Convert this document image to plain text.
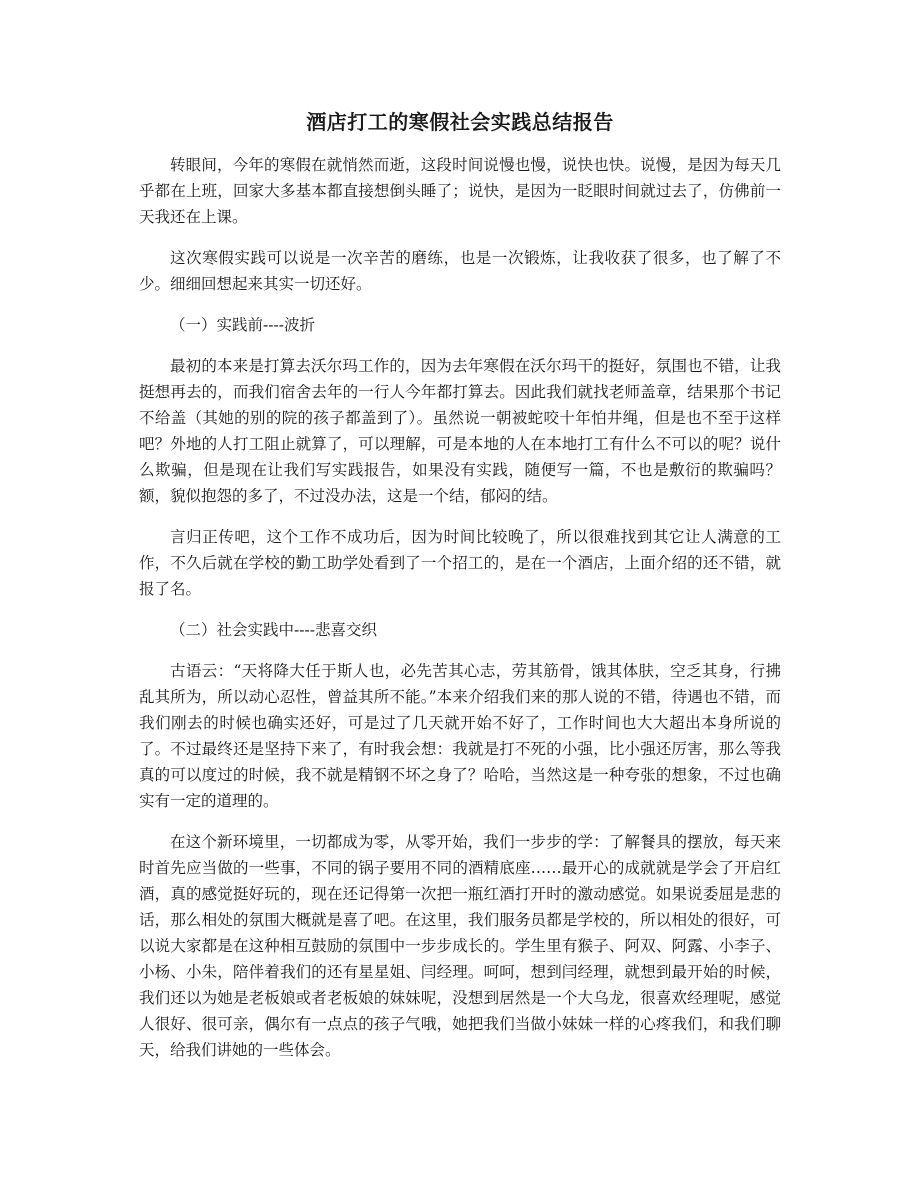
酒店打工的寒假社会实践总结报告

转眼间，今年的寒假在就悄然而逝，这段时间说慢也慢，说快也快。说慢，是因为每天几乎都在上班，回家大多基本都直接想倒头睡了；说快，是因为一眨眼时间就过去了，仿佛前一天我还在上课。

这次寒假实践可以说是一次辛苦的磨练，也是一次锻炼，让我收获了很多，也了解了不少。细细回想起来其实一切还好。

（一）实践前----波折

最初的本来是打算去沃尔玛工作的，因为去年寒假在沃尔玛干的挺好，氛围也不错，让我挺想再去的，而我们宿舍去年的一行人今年都打算去。因此我们就找老师盖章，结果那个书记不给盖（其她的别的院的孩子都盖到了）。虽然说一朝被蛇咬十年怕井绳，但是也不至于这样吧？外地的人打工阻止就算了，可以理解，可是本地的人在本地打工有什么不可以的呢？说什么欺骗，但是现在让我们写实践报告，如果没有实践，随便写一篇，不也是敷衍的欺骗吗？额，貌似抱怨的多了，不过没办法，这是一个结，郁闷的结。

言归正传吧，这个工作不成功后，因为时间比较晚了，所以很难找到其它让人满意的工作，不久后就在学校的勤工助学处看到了一个招工的，是在一个酒店，上面介绍的还不错，就报了名。

（二）社会实践中----悲喜交织

古语云：“天将降大任于斯人也，必先苦其心志，劳其筋骨，饿其体肤，空乏其身，行拂乱其所为，所以动心忍性，曾益其所不能。”本来介绍我们来的那人说的不错，待遇也不错，而我们刚去的时候也确实还好，可是过了几天就开始不好了，工作时间也大大超出本身所说的了。不过最终还是坚持下来了，有时我会想：我就是打不死的小强，比小强还厉害，那么等我真的可以度过的时候，我不就是精钢不坏之身了？哈哈，当然这是一种夸张的想象，不过也确实有一定的道理的。

在这个新环境里，一切都成为零，从零开始，我们一步步的学：了解餐具的摆放，每天来时首先应当做的一些事，不同的锅子要用不同的酒精底座……最开心的成就就是学会了开启红酒，真的感觉挺好玩的，现在还记得第一次把一瓶红酒打开时的激动感觉。如果说委屈是悲的话，那么相处的氛围大概就是喜了吧。在这里，我们服务员都是学校的，所以相处的很好，可以说大家都是在这种相互鼓励的氛围中一步步成长的。学生里有猴子、阿双、阿露、小李子、小杨、小朱，陪伴着我们的还有星星姐、闫经理。呵呵，想到闫经理，就想到最开始的时候，我们还以为她是老板娘或者老板娘的妹妹呢，没想到居然是一个大乌龙，很喜欢经理呢，感觉人很好、很可亲，偶尔有一点点的孩子气哦，她把我们当做小妹妹一样的心疼我们，和我们聊天，给我们讲她的一些体会。
